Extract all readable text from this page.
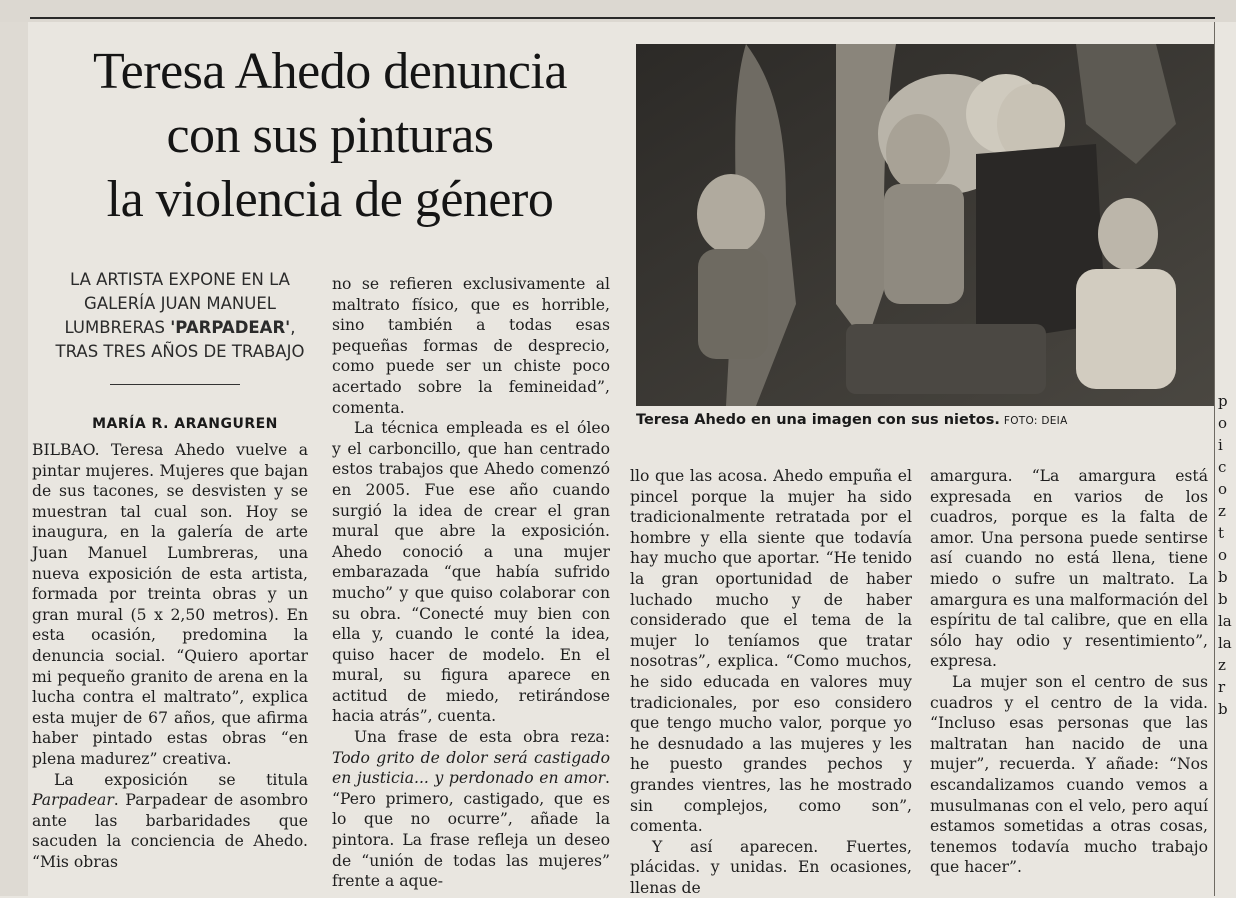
Teresa Ahedo denuncia
con sus pinturas
la violencia de género
LA ARTISTA EXPONE EN LA GALERÍA JUAN MANUEL LUMBRERAS 'PARPADEAR', TRAS TRES AÑOS DE TRABAJO
MARÍA R. ARANGUREN

BILBAO. Teresa Ahedo vuelve a pintar mujeres. Mujeres que bajan de sus tacones, se desvisten y se muestran tal cual son. Hoy se inaugura, en la galería de arte Juan Manuel Lumbreras, una nueva exposición de esta artista, formada por treinta obras y un gran mural (5 x 2,50 metros). En esta ocasión, predomina la denuncia social. “Quiero aportar mi pequeño granito de arena en la lucha contra el maltrato”, explica esta mujer de 67 años, que afirma haber pintado estas obras “en plena madurez” creativa.

La exposición se titula Parpadear. Parpadear de asombro ante las barbaridades que sacuden la conciencia de Ahedo. “Mis obras

no se refieren exclusivamente al maltrato físico, que es horrible, sino también a todas esas pequeñas formas de desprecio, como puede ser un chiste poco acertado sobre la femineidad”, comenta.

La técnica empleada es el óleo y el carboncillo, que han centrado estos trabajos que Ahedo comenzó en 2005. Fue ese año cuando surgió la idea de crear el gran mural que abre la exposición. Ahedo conoció a una mujer embarazada “que había sufrido mucho” y que quiso colaborar con su obra. “Conecté muy bien con ella y, cuando le conté la idea, quiso hacer de modelo. En el mural, su figura aparece en actitud de miedo, retirándose hacia atrás”, cuenta.

Una frase de esta obra reza: Todo grito de dolor será castigado en justicia... y perdonado en amor. “Pero primero, castigado, que es lo que no ocurre”, añade la pintora. La frase refleja un deseo de “unión de todas las mujeres” frente a aque-

llo que las acosa. Ahedo empuña el pincel porque la mujer ha sido tradicionalmente retratada por el hombre y ella siente que todavía hay mucho que aportar. “He tenido la gran oportunidad de haber luchado mucho y de haber considerado que el tema de la mujer lo teníamos que tratar nosotras”, explica. “Como muchos, he sido educada en valores muy tradicionales, por eso considero que tengo mucho valor, porque yo he desnudado a las mujeres y les he puesto grandes pechos y grandes vientres, las he mostrado sin complejos, como son”, comenta.

Y así aparecen. Fuertes, plácidas. y unidas. En ocasiones, llenas de

amargura. “La amargura está expresada en varios de los cuadros, porque es la falta de amor. Una persona puede sentirse así cuando no está llena, tiene miedo o sufre un maltrato. La amargura es una malformación del espíritu de tal calibre, que en ella sólo hay odio y resentimiento”, expresa.

La mujer son el centro de sus cuadros y el centro de la vida. “Incluso esas personas que las maltratan han nacido de una mujer”, recuerda. Y añade: “Nos escandalizamos cuando vemos a musulmanas con el velo, pero aquí estamos sometidas a otras cosas, tenemos todavía mucho trabajo que hacer”.

Teresa Ahedo en una imagen con sus nietos. FOTO: DEIA
p
o
i
c
o
z
t
o
b
b
la
la
z
r
b
